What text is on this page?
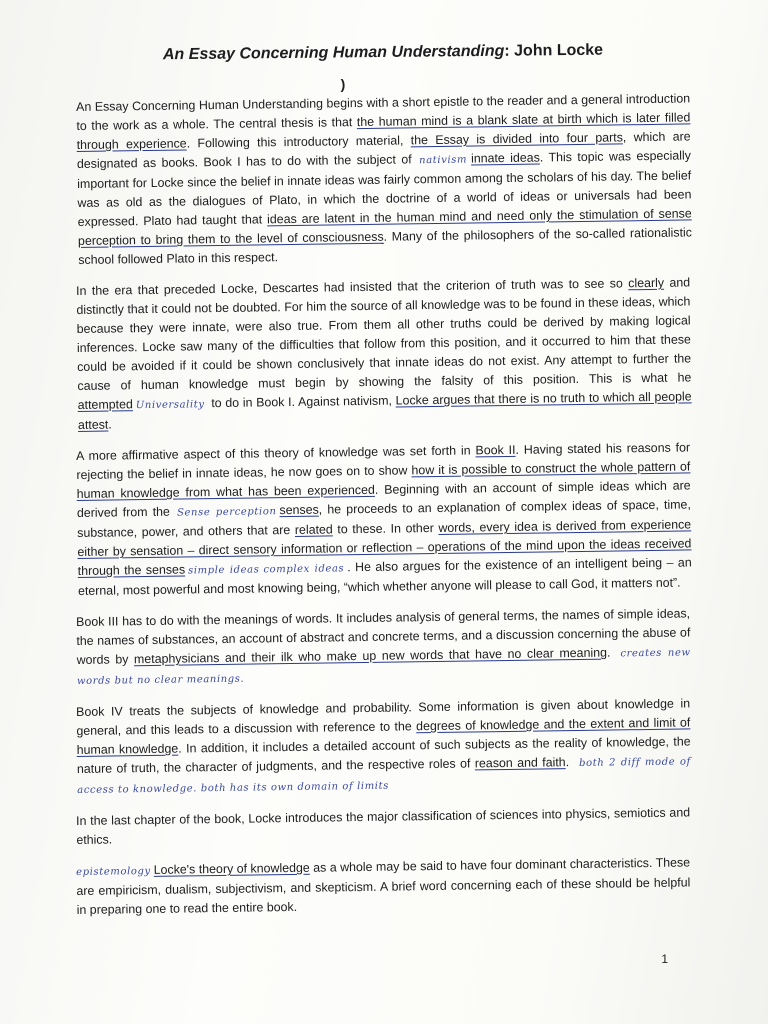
An Essay Concerning Human Understanding: John Locke
)

An Essay Concerning Human Understanding begins with a short epistle to the reader and a general introduction to the work as a whole. The central thesis is that the human mind is a blank slate at birth which is later filled through experience. Following this introductory material, the Essay is divided into four parts, which are designated as books. Book I has to do with the subject of nativism innate ideas. This topic was especially important for Locke since the belief in innate ideas was fairly common among the scholars of his day. The belief was as old as the dialogues of Plato, in which the doctrine of a world of ideas or universals had been expressed. Plato had taught that ideas are latent in the human mind and need only the stimulation of sense perception to bring them to the level of consciousness. Many of the philosophers of the so-called rationalistic school followed Plato in this respect.

In the era that preceded Locke, Descartes had insisted that the criterion of truth was to see so clearly and distinctly that it could not be doubted. For him the source of all knowledge was to be found in these ideas, which because they were innate, were also true. From them all other truths could be derived by making logical inferences. Locke saw many of the difficulties that follow from this position, and it occurred to him that these could be avoided if it could be shown conclusively that innate ideas do not exist. Any attempt to further the cause of human knowledge must begin by showing the falsity of this position. This is what he attempted Universality to do in Book I. Against nativism, Locke argues that there is no truth to which all people attest.

A more affirmative aspect of this theory of knowledge was set forth in Book II. Having stated his reasons for rejecting the belief in innate ideas, he now goes on to show how it is possible to construct the whole pattern of human knowledge from what has been experienced. Beginning with an account of simple ideas which are derived from the Sense perception senses, he proceeds to an explanation of complex ideas of space, time, substance, power, and others that are related to these. In other words, every idea is derived from experience either by sensation – direct sensory information or reflection – operations of the mind upon the ideas received through the senses simple ideas complex ideas . He also argues for the existence of an intelligent being – an eternal, most powerful and most knowing being, “which whether anyone will please to call God, it matters not”.

Book III has to do with the meanings of words. It includes analysis of general terms, the names of simple ideas, the names of substances, an account of abstract and concrete terms, and a discussion concerning the abuse of words by metaphysicians and their ilk who make up new words that have no clear meaning. creates new words but no clear meanings.

Book IV treats the subjects of knowledge and probability. Some information is given about knowledge in general, and this leads to a discussion with reference to the degrees of knowledge and the extent and limit of human knowledge. In addition, it includes a detailed account of such subjects as the reality of knowledge, the nature of truth, the character of judgments, and the respective roles of reason and faith. both 2 diff mode of access to knowledge. both has its own domain of limits

In the last chapter of the book, Locke introduces the major classification of sciences into physics, semiotics and ethics.

epistemology Locke's theory of knowledge as a whole may be said to have four dominant characteristics. These are empiricism, dualism, subjectivism, and skepticism. A brief word concerning each of these should be helpful in preparing one to read the entire book.

1
